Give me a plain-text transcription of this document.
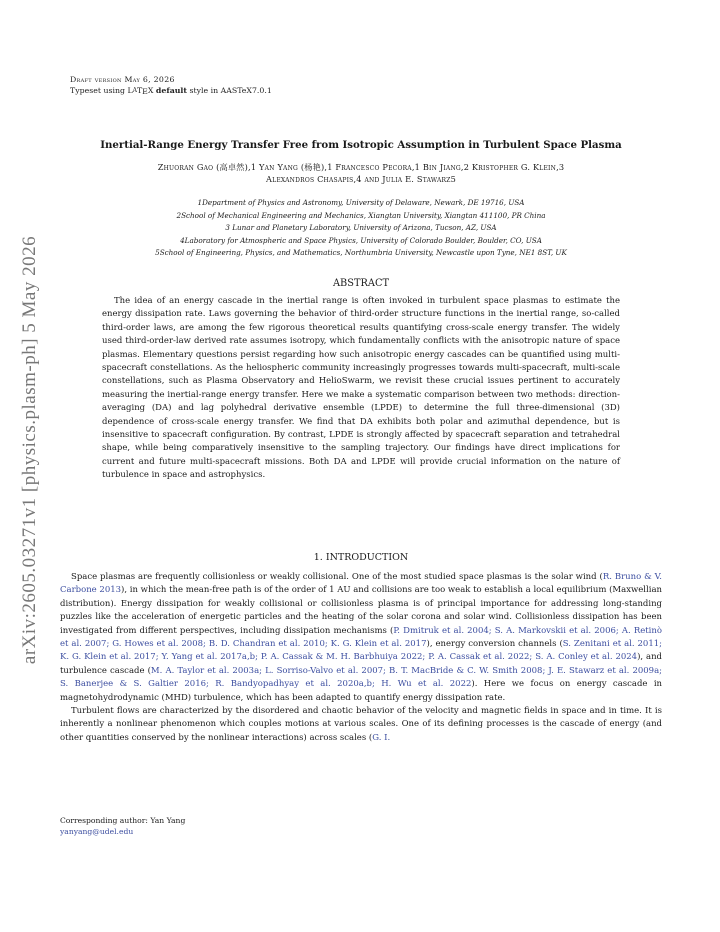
arXiv:2605.03271v1 [physics.plasm-ph] 5 May 2026
Draft version May 6, 2026
Typeset using LATEX default style in AASTeX7.0.1
Inertial-Range Energy Transfer Free from Isotropic Assumption in Turbulent Space Plasma
Zhuoran Gao (高卓然),1 Yan Yang (杨艳),1 Francesco Pecora,1 Bin Jiang,2 Kristopher G. Klein,3
Alexandros Chasapis,4 and Julia E. Stawarz5
1Department of Physics and Astronomy, University of Delaware, Newark, DE 19716, USA
2School of Mechanical Engineering and Mechanics, Xiangtan University, Xiangtan 411100, PR China
3 Lunar and Planetary Laboratory, University of Arizona, Tucson, AZ, USA
4Laboratory for Atmospheric and Space Physics, University of Colorado Boulder, Boulder, CO, USA
5School of Engineering, Physics, and Mathematics, Northumbria University, Newcastle upon Tyne, NE1 8ST, UK
ABSTRACT
The idea of an energy cascade in the inertial range is often invoked in turbulent space plasmas to estimate the energy dissipation rate. Laws governing the behavior of third-order structure functions in the inertial range, so-called third-order laws, are among the few rigorous theoretical results quantifying cross-scale energy transfer. The widely used third-order-law derived rate assumes isotropy, which fundamentally conflicts with the anisotropic nature of space plasmas. Elementary questions persist regarding how such anisotropic energy cascades can be quantified using multi-spacecraft constellations. As the heliospheric community increasingly progresses towards multi-spacecraft, multi-scale constellations, such as Plasma Observatory and HelioSwarm, we revisit these crucial issues pertinent to accurately measuring the inertial-range energy transfer. Here we make a systematic comparison between two methods: direction-averaging (DA) and lag polyhedral derivative ensemble (LPDE) to determine the full three-dimensional (3D) dependence of cross-scale energy transfer. We find that DA exhibits both polar and azimuthal dependence, but is insensitive to spacecraft configuration. By contrast, LPDE is strongly affected by spacecraft separation and tetrahedral shape, while being comparatively insensitive to the sampling trajectory. Our findings have direct implications for current and future multi-spacecraft missions. Both DA and LPDE will provide crucial information on the nature of turbulence in space and astrophysics.
1. INTRODUCTION

Space plasmas are frequently collisionless or weakly collisional. One of the most studied space plasmas is the solar wind (R. Bruno & V. Carbone 2013), in which the mean-free path is of the order of 1 AU and collisions are too weak to establish a local equilibrium (Maxwellian distribution). Energy dissipation for weakly collisional or collisionless plasma is of principal importance for addressing long-standing puzzles like the acceleration of energetic particles and the heating of the solar corona and solar wind. Collisionless dissipation has been investigated from different perspectives, including dissipation mechanisms (P. Dmitruk et al. 2004; S. A. Markovskii et al. 2006; A. Retinò et al. 2007; G. Howes et al. 2008; B. D. Chandran et al. 2010; K. G. Klein et al. 2017), energy conversion channels (S. Zenitani et al. 2011; K. G. Klein et al. 2017; Y. Yang et al. 2017a,b; P. A. Cassak & M. H. Barbhuiya 2022; P. A. Cassak et al. 2022; S. A. Conley et al. 2024), and turbulence cascade (M. A. Taylor et al. 2003a; L. Sorriso-Valvo et al. 2007; B. T. MacBride & C. W. Smith 2008; J. E. Stawarz et al. 2009a; S. Banerjee & S. Galtier 2016; R. Bandyopadhyay et al. 2020a,b; H. Wu et al. 2022). Here we focus on energy cascade in magnetohydrodynamic (MHD) turbulence, which has been adapted to quantify energy dissipation rate.

Turbulent flows are characterized by the disordered and chaotic behavior of the velocity and magnetic fields in space and in time. It is inherently a nonlinear phenomenon which couples motions at various scales. One of its defining processes is the cascade of energy (and other quantities conserved by the nonlinear interactions) across scales (G. I.

Corresponding author: Yan Yang
yanyang@udel.edu
